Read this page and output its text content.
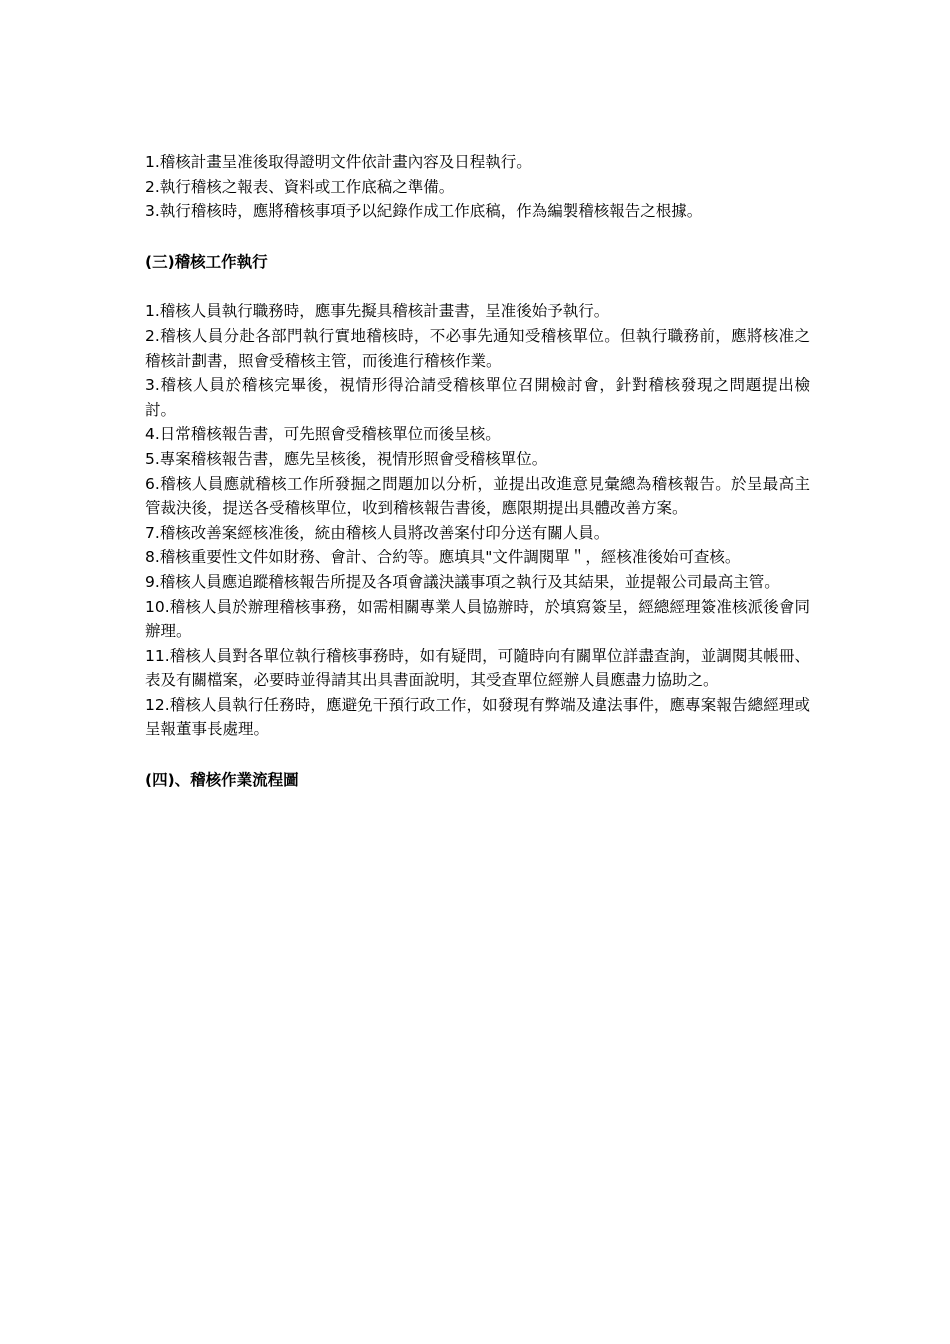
1.稽核計畫呈准後取得證明文件依計畫內容及日程執行。

2.執行稽核之報表、資料或工作底稿之準備。

3.執行稽核時，應將稽核事項予以紀錄作成工作底稿，作為編製稽核報告之根據。

(三)稽核工作執行

1.稽核人員執行職務時，應事先擬具稽核計畫書，呈准後始予執行。

2.稽核人員分赴各部門執行實地稽核時，不必事先通知受稽核單位。但執行職務前，應將核准之稽核計劃書，照會受稽核主管，而後進行稽核作業。

3.稽核人員於稽核完畢後，視情形得洽請受稽核單位召開檢討會，針對稽核發現之問題提出檢討。

4.日常稽核報告書，可先照會受稽核單位而後呈核。

5.專案稽核報告書，應先呈核後，視情形照會受稽核單位。

6.稽核人員應就稽核工作所發掘之問題加以分析，並提出改進意見彙總為稽核報告。於呈最高主管裁決後，提送各受稽核單位，收到稽核報告書後，應限期提出具體改善方案。

7.稽核改善案經核准後，統由稽核人員將改善案付印分送有關人員。

8.稽核重要性文件如財務、會計、合約等。應填具"文件調閱單＂，經核准後始可查核。

9.稽核人員應追蹤稽核報告所提及各項會議決議事項之執行及其結果，並提報公司最高主管。

10.稽核人員於辦理稽核事務，如需相關專業人員協辦時，於填寫簽呈，經總經理簽准核派後會同辦理。

11.稽核人員對各單位執行稽核事務時，如有疑問，可隨時向有關單位詳盡查詢，並調閱其帳冊、表及有關檔案，必要時並得請其出具書面說明，其受查單位經辦人員應盡力協助之。

12.稽核人員執行任務時，應避免干預行政工作，如發現有弊端及違法事件，應專案報告總經理或呈報董事長處理。

(四)、稽核作業流程圖
